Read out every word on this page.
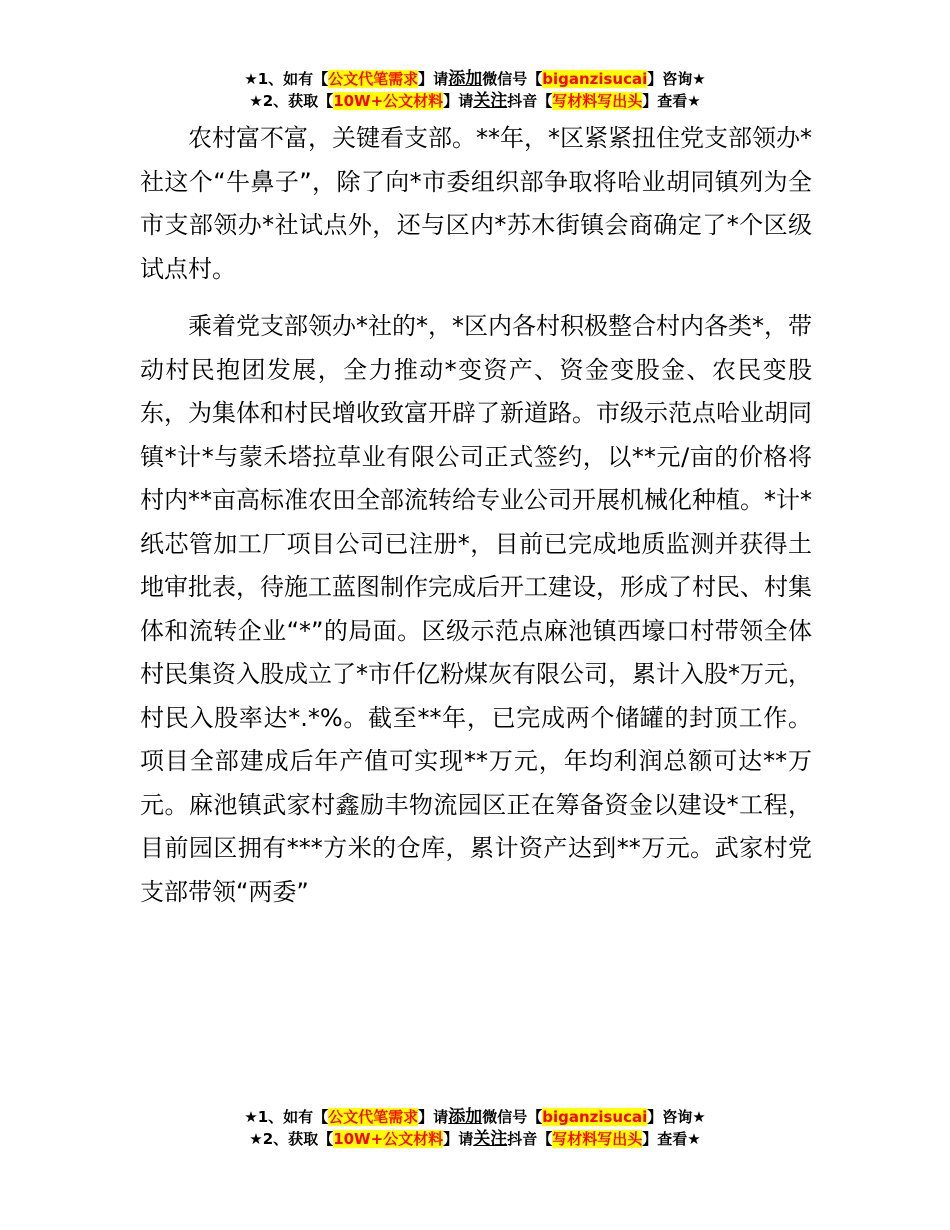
★1、如有【公文代笔需求】请添加微信号【biganzisucai】咨询★
★2、获取【10W+公文材料】请关注抖音【写材料写出头】查看★

农村富不富，关键看支部。**年，*区紧紧扭住党支部领办*社这个“牛鼻子”，除了向*市委组织部争取将哈业胡同镇列为全市支部领办*社试点外，还与区内*苏木街镇会商确定了*个区级试点村。

乘着党支部领办*社的*，*区内各村积极整合村内各类*，带动村民抱团发展，全力推动*变资产、资金变股金、农民变股东，为集体和村民增收致富开辟了新道路。市级示范点哈业胡同镇*计*与蒙禾塔拉草业有限公司正式签约，以**元/亩的价格将村内**亩高标准农田全部流转给专业公司开展机械化种植。*计*纸芯管加工厂项目公司已注册*，目前已完成地质监测并获得土地审批表，待施工蓝图制作完成后开工建设，形成了村民、村集体和流转企业“*”的局面。区级示范点麻池镇西壕口村带领全体村民集资入股成立了*市仟亿粉煤灰有限公司，累计入股*万元，村民入股率达*.*%。截至**年，已完成两个储罐的封顶工作。项目全部建成后年产值可实现**万元，年均利润总额可达**万元。麻池镇武家村鑫励丰物流园区正在筹备资金以建设*工程，目前园区拥有***方米的仓库，累计资产达到**万元。武家村党支部带领“两委”

★1、如有【公文代笔需求】请添加微信号【biganzisucai】咨询★
★2、获取【10W+公文材料】请关注抖音【写材料写出头】查看★
